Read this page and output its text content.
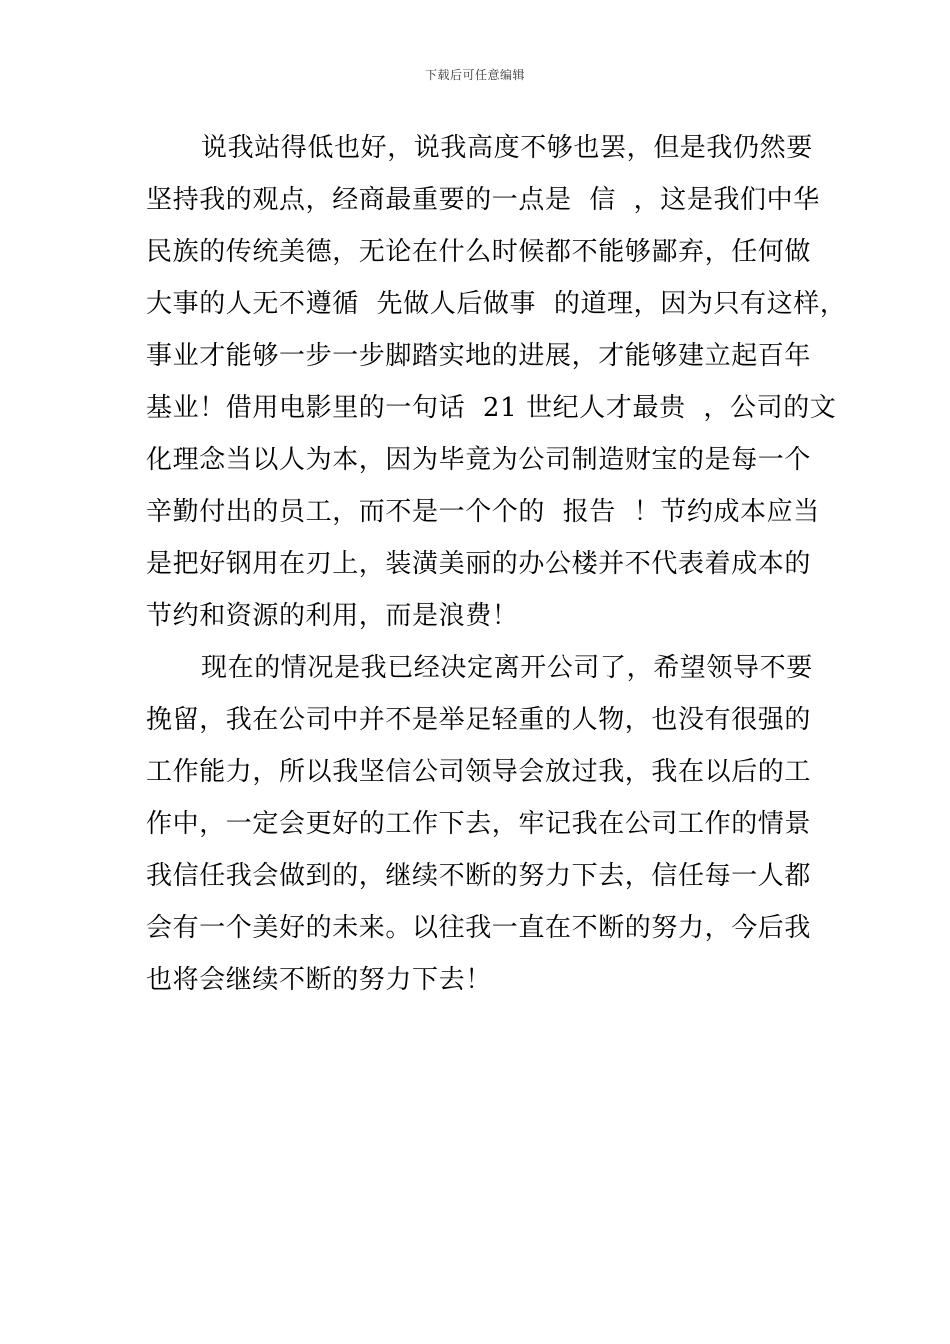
下载后可任意编辑
说我站得低也好，说我高度不够也罢，但是我仍然要
坚持我的观点，经商最重要的一点是  信  ，这是我们中华
民族的传统美德，无论在什么时候都不能够鄙弃，任何做
大事的人无不遵循  先做人后做事  的道理，因为只有这样，
事业才能够一步一步脚踏实地的进展，才能够建立起百年
基业！借用电影里的一句话  21 世纪人才最贵  ，公司的文
化理念当以人为本，因为毕竟为公司制造财宝的是每一个
辛勤付出的员工，而不是一个个的  报告  ！节约成本应当
是把好钢用在刃上，装潢美丽的办公楼并不代表着成本的
节约和资源的利用，而是浪费！
现在的情况是我已经决定离开公司了，希望领导不要
挽留，我在公司中并不是举足轻重的人物，也没有很强的
工作能力，所以我坚信公司领导会放过我，我在以后的工
作中，一定会更好的工作下去，牢记我在公司工作的情景
我信任我会做到的，继续不断的努力下去，信任每一人都
会有一个美好的未来。以往我一直在不断的努力，今后我
也将会继续不断的努力下去！
